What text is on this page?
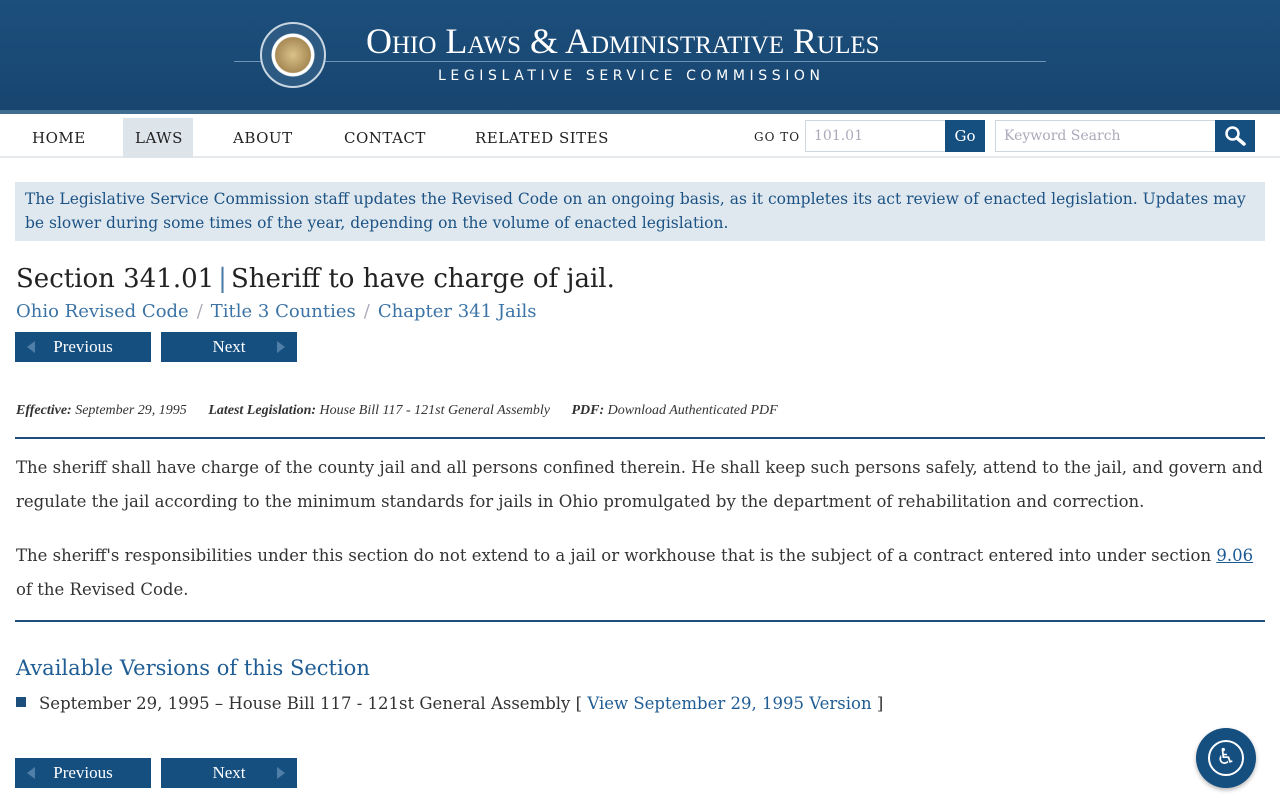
Ohio Laws & Administrative Rules
LEGISLATIVE SERVICE COMMISSION
HOME	LAWS	ABOUT	CONTACT	RELATED SITES	GO TO 101.01	Go	Keyword Search
The Legislative Service Commission staff updates the Revised Code on an ongoing basis, as it completes its act review of enacted legislation. Updates may be slower during some times of the year, depending on the volume of enacted legislation.
Section 341.01 | Sheriff to have charge of jail.
Ohio Revised Code / Title 3 Counties / Chapter 341 Jails
Previous	Next
Effective: September 29, 1995 Latest Legislation: House Bill 117 - 121st General Assembly PDF: Download Authenticated PDF
The sheriff shall have charge of the county jail and all persons confined therein. He shall keep such persons safely, attend to the jail, and govern and regulate the jail according to the minimum standards for jails in Ohio promulgated by the department of rehabilitation and correction.
The sheriff's responsibilities under this section do not extend to a jail or workhouse that is the subject of a contract entered into under section 9.06 of the Revised Code.
Available Versions of this Section
September 29, 1995 – House Bill 117 - 121st General Assembly [ View September 29, 1995 Version ]
Previous	Next
♿︎
